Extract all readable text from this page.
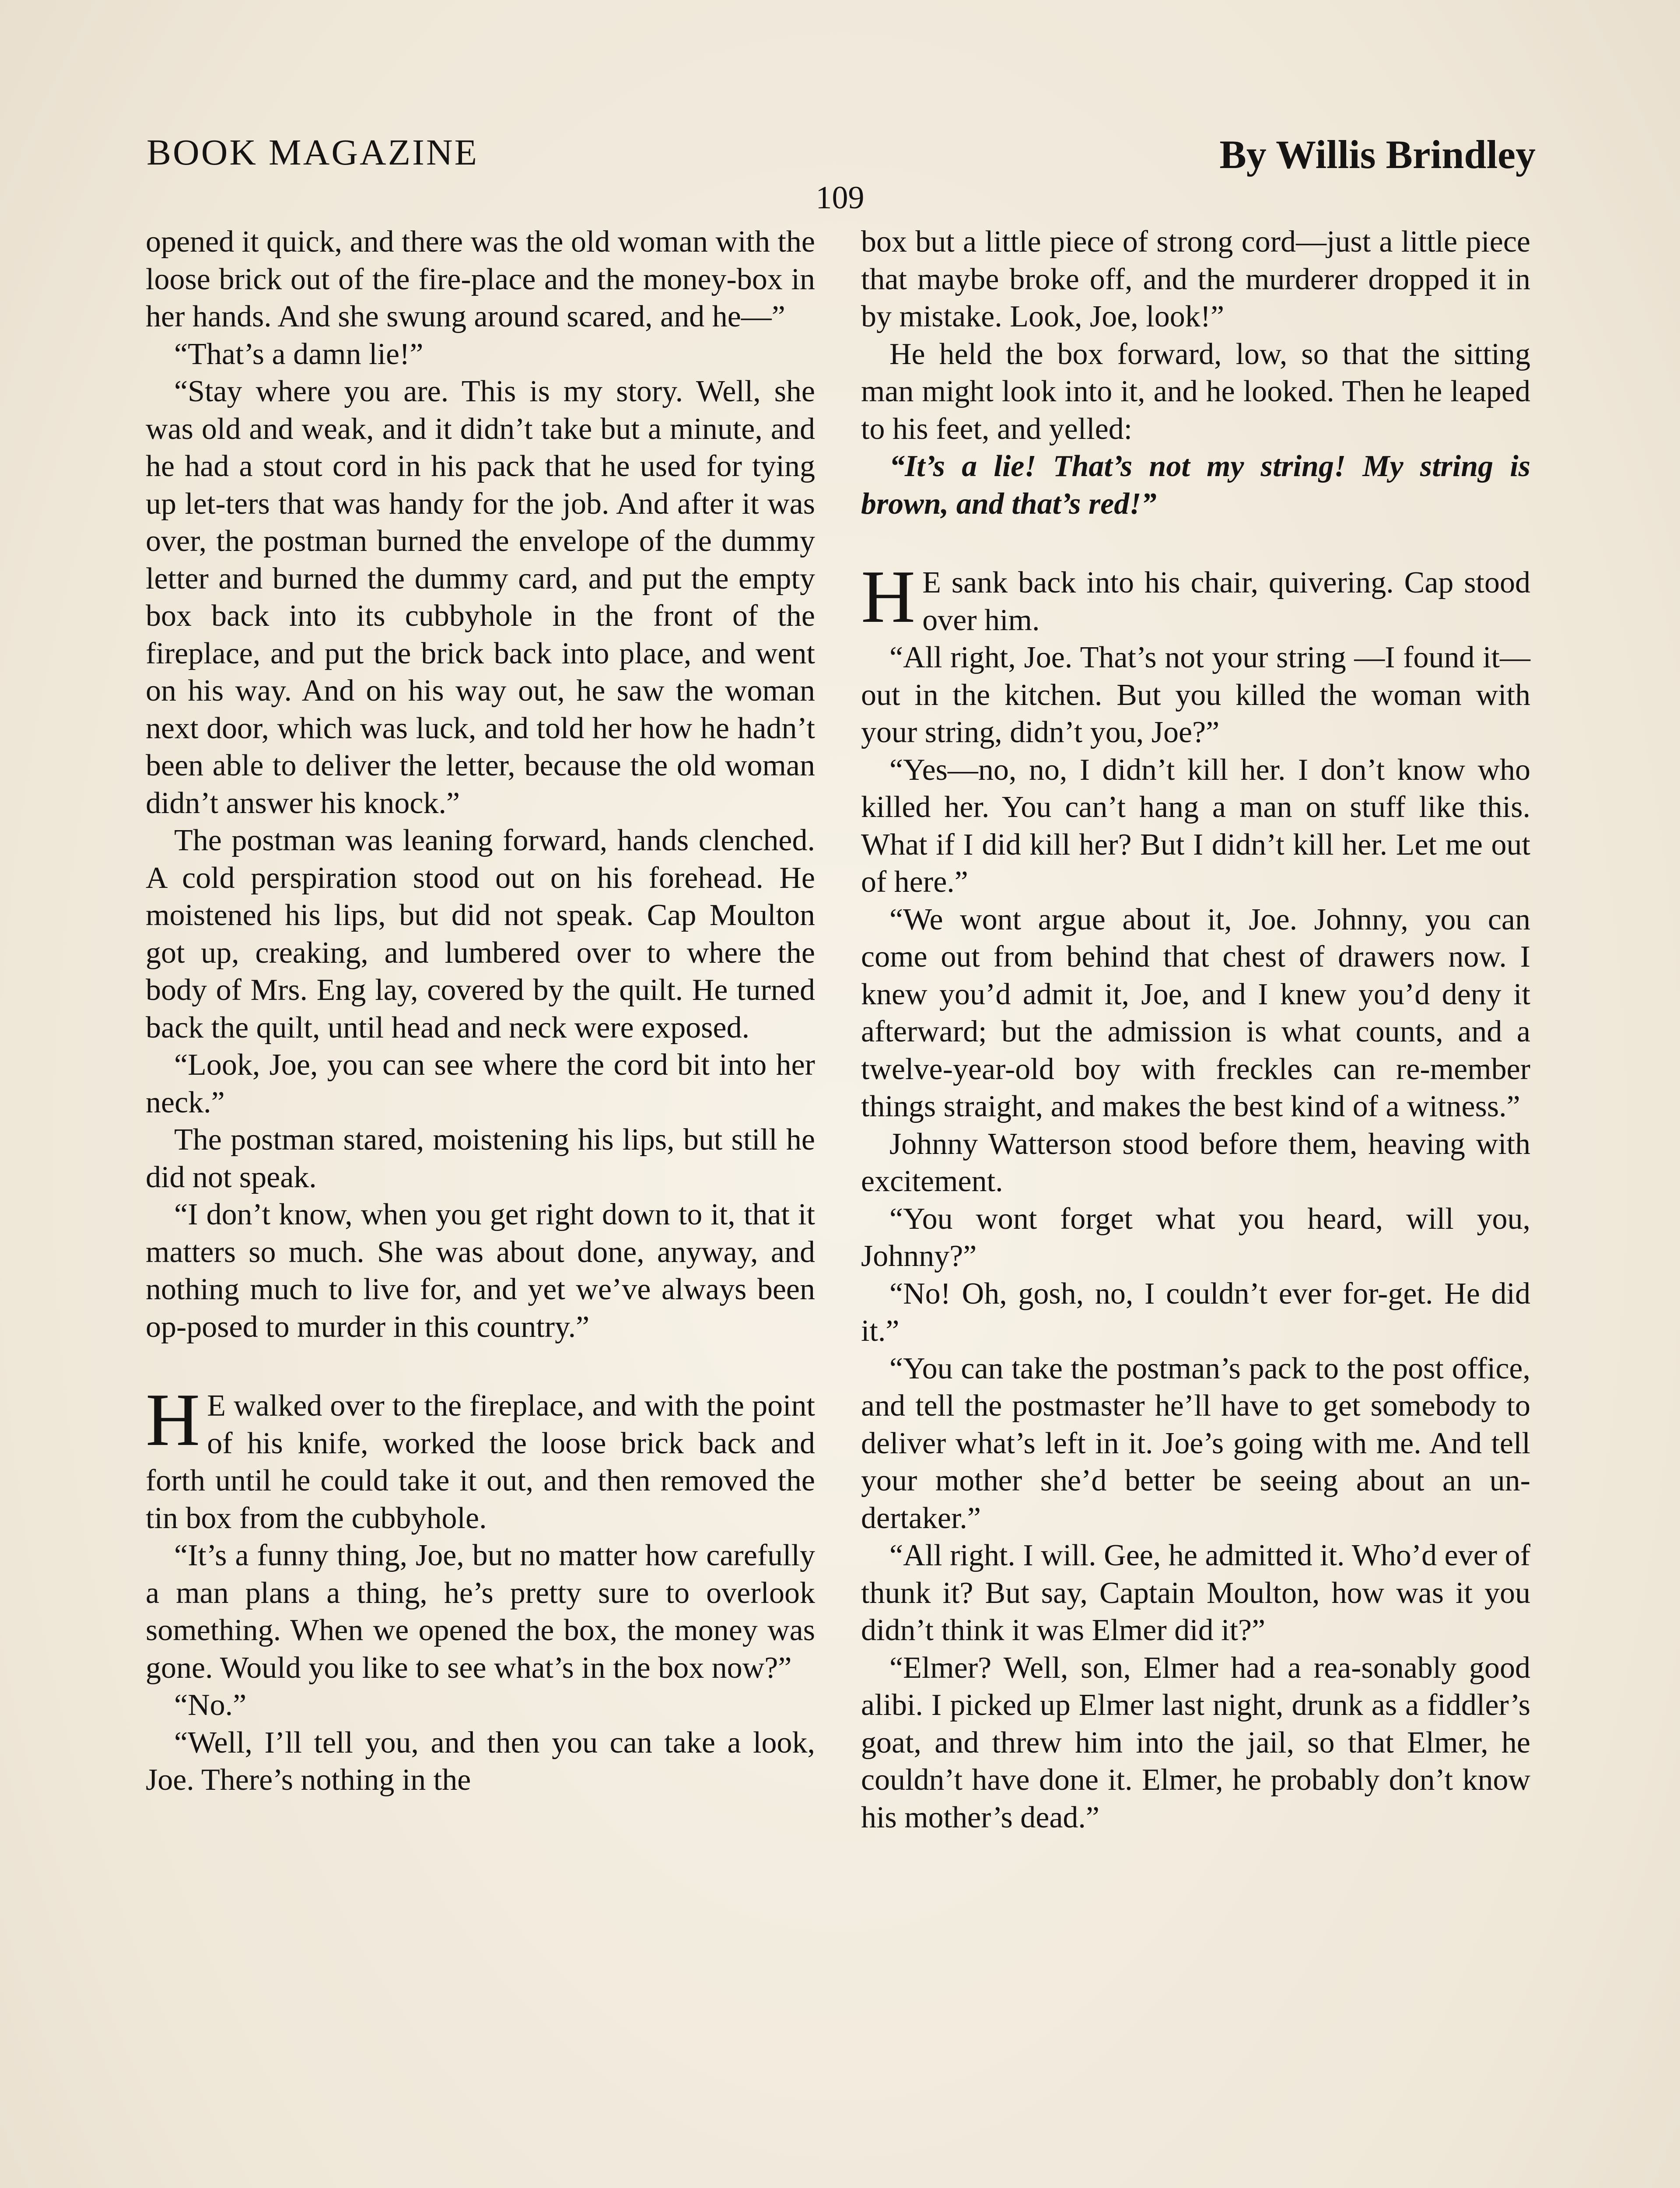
BOOK MAGAZINE	By Willis Brindley
109

opened it quick, and there was the old woman with the loose brick out of the fire-place and the money-box in her hands. And she swung around scared, and he—”

“That’s a damn lie!”

“Stay where you are. This is my story. Well, she was old and weak, and it didn’t take but a minute, and he had a stout cord in his pack that he used for tying up let-ters that was handy for the job. And after it was over, the postman burned the envelope of the dummy letter and burned the dummy card, and put the empty box back into its cubbyhole in the front of the fireplace, and put the brick back into place, and went on his way. And on his way out, he saw the woman next door, which was luck, and told her how he hadn’t been able to deliver the letter, because the old woman didn’t answer his knock.”

The postman was leaning forward, hands clenched. A cold perspiration stood out on his forehead. He moistened his lips, but did not speak. Cap Moulton got up, creaking, and lumbered over to where the body of Mrs. Eng lay, covered by the quilt. He turned back the quilt, until head and neck were exposed.

“Look, Joe, you can see where the cord bit into her neck.”

The postman stared, moistening his lips, but still he did not speak.

“I don’t know, when you get right down to it, that it matters so much. She was about done, anyway, and nothing much to live for, and yet we’ve always been op-posed to murder in this country.”

H E walked over to the fireplace, and with the point of his knife, worked the loose brick back and forth until he could take it out, and then removed the tin box from the cubbyhole.

“It’s a funny thing, Joe, but no matter how carefully a man plans a thing, he’s pretty sure to overlook something. When we opened the box, the money was gone. Would you like to see what’s in the box now?”

“No.”

“Well, I’ll tell you, and then you can take a look, Joe. There’s nothing in the

box but a little piece of strong cord—just a little piece that maybe broke off, and the murderer dropped it in by mistake. Look, Joe, look!”

He held the box forward, low, so that the sitting man might look into it, and he looked. Then he leaped to his feet, and yelled:

“It’s a lie! That’s not my string! My string is brown, and that’s red!”

H E sank back into his chair, quivering. Cap stood over him.

“All right, Joe. That’s not your string —I found it—out in the kitchen. But you killed the woman with your string, didn’t you, Joe?”

“Yes—no, no, I didn’t kill her. I don’t know who killed her. You can’t hang a man on stuff like this. What if I did kill her? But I didn’t kill her. Let me out of here.”

“We wont argue about it, Joe. Johnny, you can come out from behind that chest of drawers now. I knew you’d admit it, Joe, and I knew you’d deny it afterward; but the admission is what counts, and a twelve-year-old boy with freckles can re-member things straight, and makes the best kind of a witness.”

Johnny Watterson stood before them, heaving with excitement.

“You wont forget what you heard, will you, Johnny?”

“No! Oh, gosh, no, I couldn’t ever for-get. He did it.”

“You can take the postman’s pack to the post office, and tell the postmaster he’ll have to get somebody to deliver what’s left in it. Joe’s going with me. And tell your mother she’d better be seeing about an un-dertaker.”

“All right. I will. Gee, he admitted it. Who’d ever of thunk it? But say, Captain Moulton, how was it you didn’t think it was Elmer did it?”

“Elmer? Well, son, Elmer had a rea-sonably good alibi. I picked up Elmer last night, drunk as a fiddler’s goat, and threw him into the jail, so that Elmer, he couldn’t have done it. Elmer, he probably don’t know his mother’s dead.”
